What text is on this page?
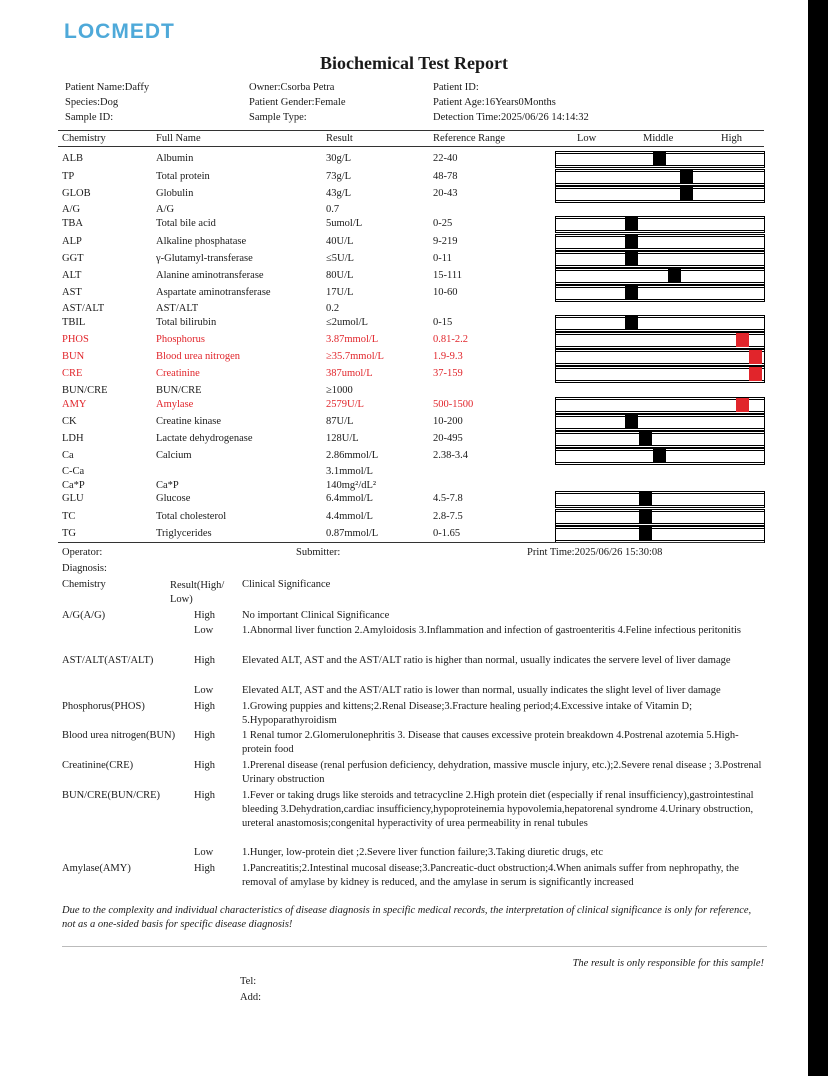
LOCMEDT
Biochemical Test Report
Patient Name:Daffy	Owner:Csorba Petra	Patient ID:
Species:Dog	Patient Gender:Female	Patient Age:16Years0Months
Sample ID:	Sample Type:	Detection Time:2025/06/26 14:14:32
Chemistry	Full Name	Result	Reference Range	Low	Middle	High
ALB	Albumin	30g/L	22-40
TP	Total protein	73g/L	48-78
GLOB	Globulin	43g/L	20-43
A/G	A/G	0.7
TBA	Total bile acid	5umol/L	0-25
ALP	Alkaline phosphatase	40U/L	9-219
GGT	γ-Glutamyl-transferase	≤5U/L	0-11
ALT	Alanine aminotransferase	80U/L	15-111
AST	Aspartate aminotransferase	17U/L	10-60
AST/ALT	AST/ALT	0.2
TBIL	Total bilirubin	≤2umol/L	0-15
PHOS	Phosphorus	3.87mmol/L	0.81-2.2
BUN	Blood urea nitrogen	≥35.7mmol/L	1.9-9.3
CRE	Creatinine	387umol/L	37-159
BUN/CRE	BUN/CRE	≥1000
AMY	Amylase	2579U/L	500-1500
CK	Creatine kinase	87U/L	10-200
LDH	Lactate dehydrogenase	128U/L	20-495
Ca	Calcium	2.86mmol/L	2.38-3.4
C-Ca	3.1mmol/L
Ca*P	Ca*P	140mg²/dL²
GLU	Glucose	6.4mmol/L	4.5-7.8
TC	Total cholesterol	4.4mmol/L	2.8-7.5
TG	Triglycerides	0.87mmol/L	0-1.65
Operator:	Submitter:	Print Time:2025/06/26 15:30:08
Diagnosis:
Chemistry	Result(High/
Low)
Clinical Significance
A/G(A/G)	High	No important Clinical Significance
Low	1.Abnormal liver function 2.Amyloidosis 3.Inflammation and infection of gastroenteritis 4.Feline infectious peritonitis
AST/ALT(AST/ALT)	High	Elevated ALT, AST and the AST/ALT ratio is higher than normal, usually indicates the servere level of liver damage
Low	Elevated ALT, AST and the AST/ALT ratio is lower than normal, usually indicates the slight level of liver damage
Phosphorus(PHOS)	High	1.Growing puppies and kittens;2.Renal Disease;3.Fracture healing period;4.Excessive intake of Vitamin D; 5.Hypoparathyroidism
Blood urea nitrogen(BUN)	High	1 Renal tumor 2.Glomerulonephritis 3. Disease that causes excessive protein breakdown 4.Postrenal azotemia 5.High-protein food
Creatinine(CRE)	High	1.Prerenal disease (renal perfusion deficiency, dehydration, massive muscle injury, etc.);2.Severe renal disease ; 3.Postrenal Urinary obstruction
BUN/CRE(BUN/CRE)	High	1.Fever or taking drugs like steroids and tetracycline 2.High protein diet (especially if renal insufficiency),gastrointestinal bleeding 3.Dehydration,cardiac insufficiency,hypoproteinemia hypovolemia,hepatorenal syndrome 4.Urinary obstruction, ureteral anastomosis;congenital hyperactivity of urea permeability in renal tubules
Low	1.Hunger, low-protein diet ;2.Severe liver function failure;3.Taking diuretic drugs, etc
Amylase(AMY)	High	1.Pancreatitis;2.Intestinal mucosal disease;3.Pancreatic-duct obstruction;4.When animals suffer from nephropathy, the removal of amylase by kidney is reduced, and the amylase in serum is significantly increased
Due to the complexity and individual characteristics of disease diagnosis in specific medical records, the interpretation of clinical significance is only for reference, not as a one-sided basis for specific disease diagnosis!
The result is only responsible for this sample!
Tel:
Add:
